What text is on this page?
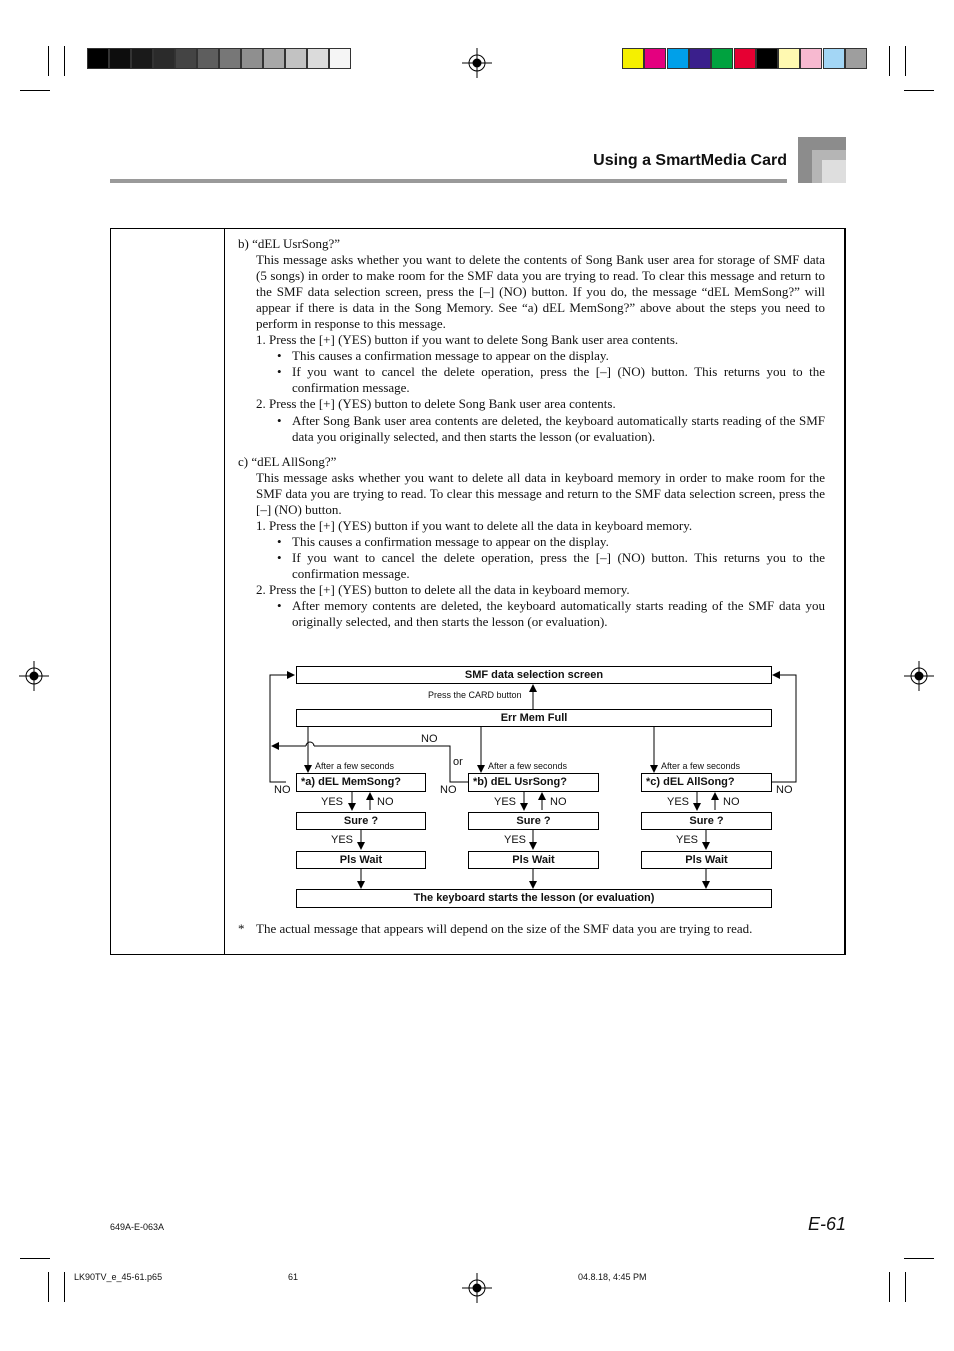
Using a SmartMedia Card
b) “dEL UsrSong?”
This message asks whether you want to delete the contents of Song Bank user area for storage of SMF data (5 songs) in order to make room for the SMF data you are trying to read. To clear this message and return to the SMF data selection screen, press the [–] (NO) button. If you do, the message “dEL MemSong?” will appear if there is data in the Song Memory. See “a) dEL MemSong?” above about the steps you need to perform in response to this message.
1. Press the [+] (YES) button if you want to delete Song Bank user area contents.
• This causes a confirmation message to appear on the display.
• If you want to cancel the delete operation, press the [–] (NO) button. This returns you to the confirmation message.
2. Press the [+] (YES) button to delete Song Bank user area contents.
• After Song Bank user area contents are deleted, the keyboard automatically starts reading of the SMF data you originally selected, and then starts the lesson (or evaluation).
c) “dEL AllSong?”
This message asks whether you want to delete all data in keyboard memory in order to make room for the SMF data you are trying to read. To clear this message and return to the SMF data selection screen, press the [–] (NO) button.
1. Press the [+] (YES) button if you want to delete all the data in keyboard memory.
• This causes a confirmation message to appear on the display.
• If you want to cancel the delete operation, press the [–] (NO) button. This returns you to the confirmation message.
2. Press the [+] (YES) button to delete all the data in keyboard memory.
• After memory contents are deleted, the keyboard automatically starts reading of the SMF data you originally selected, and then starts the lesson (or evaluation).
SMF data selection screen
Press the CARD button
Err Mem Full
NO
or
After a few seconds	After a few seconds	After a few seconds
*a) dEL MemSong?	*b) dEL UsrSong?	*c) dEL AllSong?
NO	NO	NO
YES	NO	YES	NO	YES	NO
Sure ?	Sure ?	Sure ?
YES	YES	YES
Pls Wait	Pls Wait	Pls Wait
The keyboard starts the lesson (or evaluation)
* The actual message that appears will depend on the size of the SMF data you are trying to read.
649A-E-063A	E-61
LK90TV_e_45-61.p65	61	04.8.18, 4:45 PM
